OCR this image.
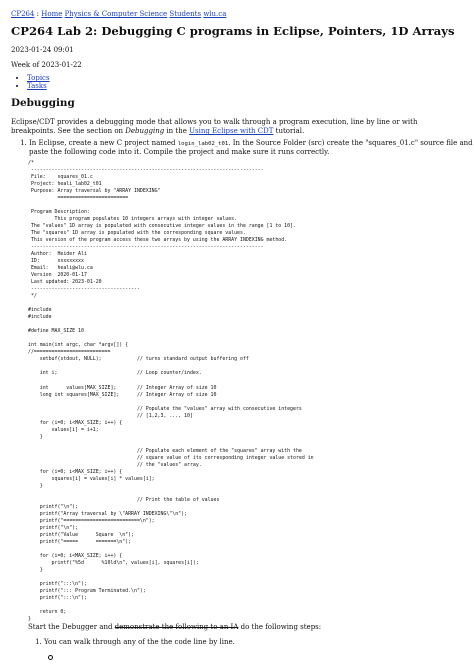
CP264 : Home Physics & Computer Science Students wlu.ca
CP264 Lab 2: Debugging C programs in Eclipse, Pointers, 1D Arrays
2023-01-24 09:01
Week of 2023-01-22
• Topics
• Tasks
Debugging

Eclipse/CDT provides a debugging mode that allows you to walk through a program execution, line by line or with breakpoints. See the section on Debugging in the Using Eclipse with CDT tutorial.

1. In Eclipse, create a new C project named login_lab02_t01. In the Source Folder (src) create the "squares_01.c" source file and paste the following code into it. Compile the project and make sure it runs correctly.
/*
-------------------------------------------------------------------------------
File:    squares_01.c
Project: heali_lab02_t01
Purpose: Array traversal by "ARRAY INDEXING"
========================

Program Description:
This program populates 10 integers arrays with integer values.
The "values" 1D array is populated with consecutive integer values in the range [1 to 10].
The "squares" 1D array is populated with the corresponding square values.
This version of the program access these two arrays by using the ARRAY INDEXING method.
-------------------------------------------------------------------------------
Author:  Heider Ali
ID:      xxxxxxxxx
Email:   heali@wlu.ca
Version  2020-01-17
Last updated: 2023-01-20
-------------------------------------
*/

#include
#include

#define MAX_SIZE 10

int main(int argc, char *argv[]) {
//==========================
setbuf(stdout, NULL);            // turns standard output buffering off

int i;                           // Loop counter/index.

int      values[MAX_SIZE];       // Integer Array of size 10
long int squares[MAX_SIZE];      // Integer Array of size 10

// Populate the "values" array with consecutive integers
// [1,2,3, ..., 10]
for (i=0; i<MAX_SIZE; i++) {
values[i] = i+1;
}

// Populate each element of the "squares" array with the
// square value of its corresponding integer value stored in
// the "values" array.
for (i=0; i<MAX_SIZE; i++) {
squares[i] = values[i] * values[i];
}

// Print the table of values
printf("\n");
printf("Array traversal by \"ARRAY INDEXING\"\n");
printf("==========================\n");
printf("\n");
printf("Value      Square  \n");
printf("=====      =======\n");

for (i=0; i<MAX_SIZE; i++) {
printf("%5d      %10ld\n", values[i], squares[i]);
}

printf(":::\n");
printf("::: Program Terminated.\n");
printf(":::\n");

return 0;
}

Start the Debugger and demonstrate the following to an IA do the following steps:

1. You can walk through any of the the code line by line.
